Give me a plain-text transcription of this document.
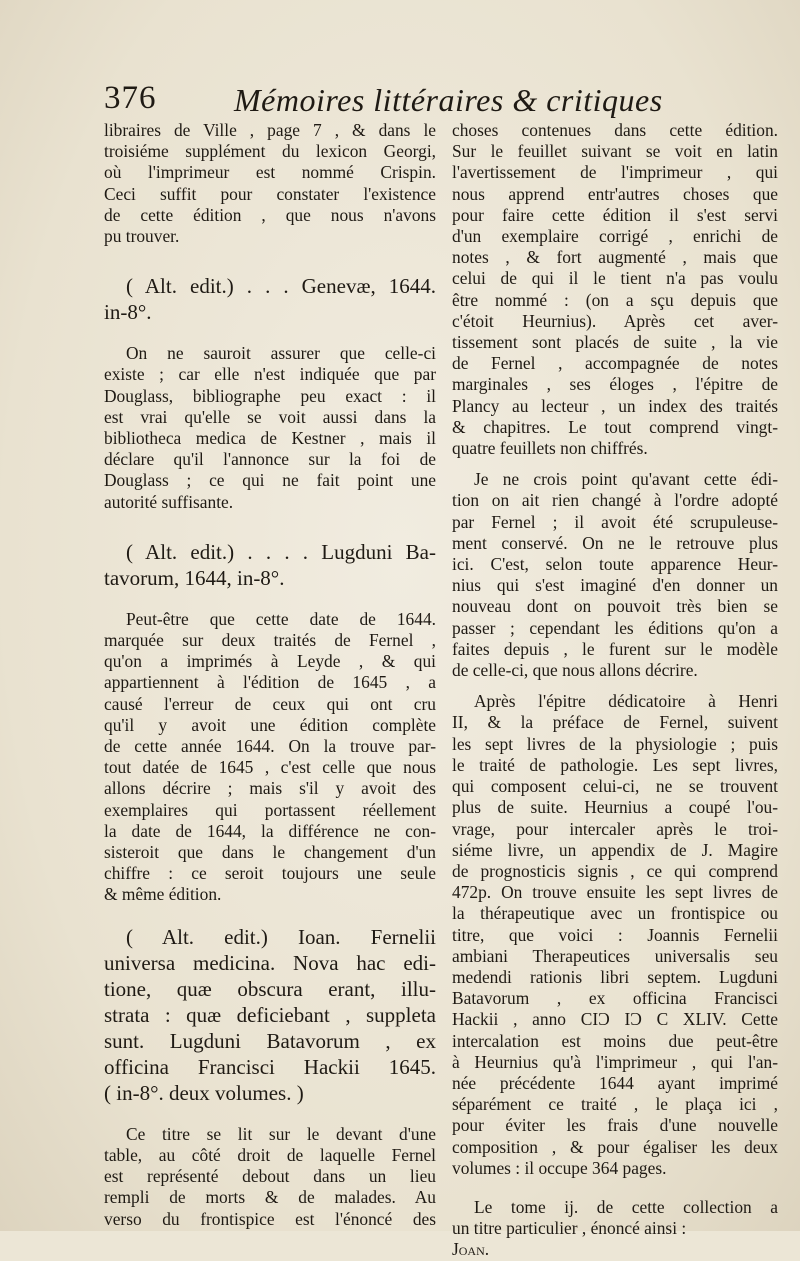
376 Mémoires littéraires & critiques
libraires de Ville , page 7 , & dans le
troisiéme supplément du lexicon Georgi,
où l'imprimeur est nommé Crispin.
Ceci suffit pour constater l'existence
de cette édition , que nous n'avons
pu trouver.
( Alt. edit.) . . . Genevæ, 1644.
in-8°.
On ne sauroit assurer que celle-ci
existe ; car elle n'est indiquée que par
Douglass, bibliographe peu exact : il
est vrai qu'elle se voit aussi dans la
bibliotheca medica de Kestner , mais il
déclare qu'il l'annonce sur la foi de
Douglass ; ce qui ne fait point une
autorité suffisante.
( Alt. edit.) . . . . Lugduni Ba-
tavorum, 1644, in-8°.
Peut-être que cette date de 1644.
marquée sur deux traités de Fernel ,
qu'on a imprimés à Leyde , & qui
appartiennent à l'édition de 1645 , a
causé l'erreur de ceux qui ont cru
qu'il y avoit une édition complète
de cette année 1644. On la trouve par-
tout datée de 1645 , c'est celle que nous
allons décrire ; mais s'il y avoit des
exemplaires qui portassent réellement
la date de 1644, la différence ne con-
sisteroit que dans le changement d'un
chiffre : ce seroit toujours une seule
& même édition.
( Alt. edit.) Ioan. Fernelii
universa medicina. Nova hac edi-
tione, quæ obscura erant, illu-
strata : quæ deficiebant , suppleta
sunt. Lugduni Batavorum , ex
officina Francisci Hackii 1645.
( in-8°. deux volumes. )
Ce titre se lit sur le devant d'une
table, au côté droit de laquelle Fernel
est représenté debout dans un lieu
rempli de morts & de malades. Au
verso du frontispice est l'énoncé des
choses contenues dans cette édition.
Sur le feuillet suivant se voit en latin
l'avertissement de l'imprimeur , qui
nous apprend entr'autres choses que
pour faire cette édition il s'est servi
d'un exemplaire corrigé , enrichi de
notes , & fort augmenté , mais que
celui de qui il le tient n'a pas voulu
être nommé : (on a sçu depuis que
c'étoit Heurnius). Après cet aver-
tissement sont placés de suite , la vie
de Fernel , accompagnée de notes
marginales , ses éloges , l'épitre de
Plancy au lecteur , un index des traités
& chapitres. Le tout comprend vingt-
quatre feuillets non chiffrés.
Je ne crois point qu'avant cette édi-
tion on ait rien changé à l'ordre adopté
par Fernel ; il avoit été scrupuleuse-
ment conservé. On ne le retrouve plus
ici. C'est, selon toute apparence Heur-
nius qui s'est imaginé d'en donner un
nouveau dont on pouvoit très bien se
passer ; cependant les éditions qu'on a
faites depuis , le furent sur le modèle
de celle-ci, que nous allons décrire.
Après l'épitre dédicatoire à Henri
II, & la préface de Fernel, suivent
les sept livres de la physiologie ; puis
le traité de pathologie. Les sept livres,
qui composent celui-ci, ne se trouvent
plus de suite. Heurnius a coupé l'ou-
vrage, pour intercaler après le troi-
siéme livre, un appendix de J. Magire
de prognosticis signis , ce qui comprend
472p. On trouve ensuite les sept livres de
la thérapeutique avec un frontispice ou
titre, que voici : Joannis Fernelii
ambiani Therapeutices universalis seu
medendi rationis libri septem. Lugduni
Batavorum , ex officina Francisci
Hackii , anno CIƆ IƆ C XLIV. Cette
intercalation est moins due peut-être
à Heurnius qu'à l'imprimeur , qui l'an-
née précédente 1644 ayant imprimé
séparément ce traité , le plaça ici ,
pour éviter les frais d'une nouvelle
composition , & pour égaliser les deux
volumes : il occupe 364 pages.
Le tome ij. de cette collection a
un titre particulier , énoncé ainsi :
Joan.
